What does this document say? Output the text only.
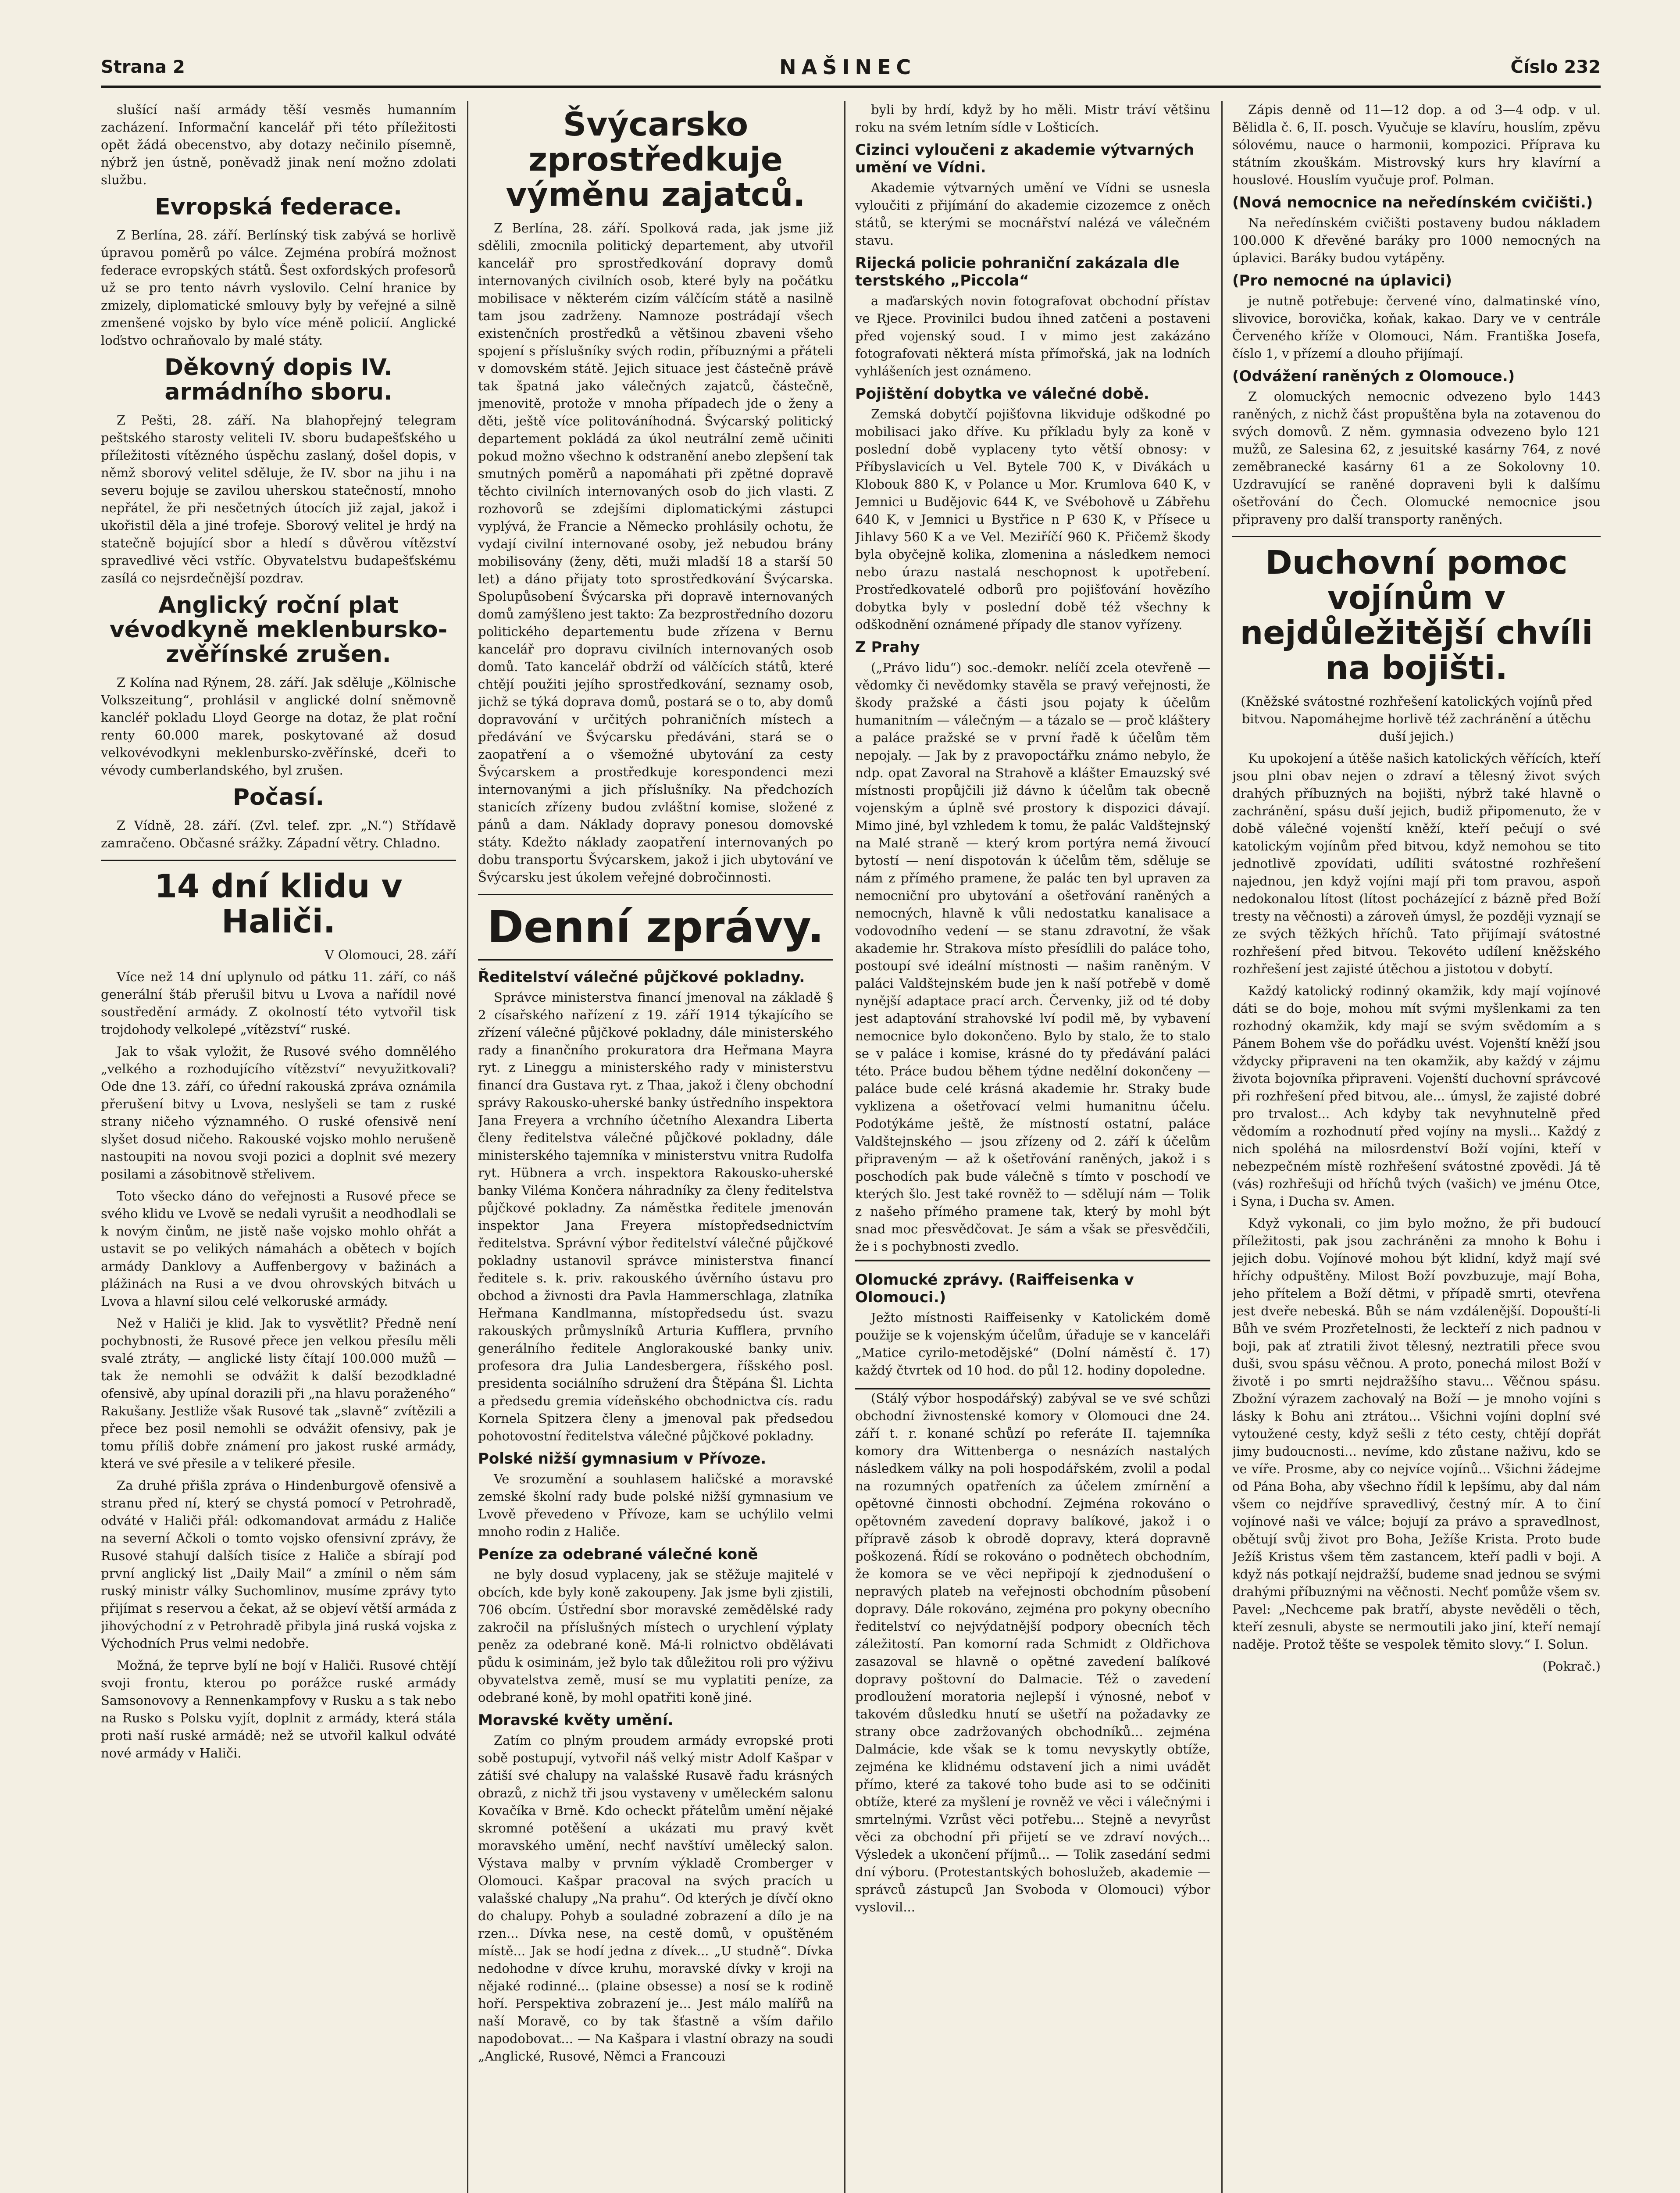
Strana 2	NAŠINEC	Číslo 232

slušící naší armády těší vesměs humanním zacházení. Informační kancelář při této příležitosti opět žádá obecenstvo, aby dotazy nečinilo písemně, nýbrž jen ústně, poněvadž jinak není možno zdolati službu.

Evropská federace.

Z Berlína, 28. září. Berlínský tisk zabývá se horlivě úpravou poměrů po válce. Zejména probírá možnost federace evropských států. Šest oxfordských profesorů už se pro tento návrh vyslovilo. Celní hranice by zmizely, diplomatické smlouvy byly by veřejné a silně zmenšené vojsko by bylo více méně policií. Anglické loďstvo ochraňovalo by malé státy.

Děkovný dopis IV. armádního sboru.

Z Pešti, 28. září. Na blahopřejný telegram peštského starosty veliteli IV. sboru budapešťského u příležitosti vítězného úspěchu zaslaný, došel dopis, v němž sborový velitel sděluje, že IV. sbor na jihu i na severu bojuje se zavilou uherskou statečností, mnoho nepřátel, že při nesčetných útocích již zajal, jakož i ukořistil děla a jiné trofeje. Sborový velitel je hrdý na statečně bojující sbor a hledí s důvěrou vítězství spravedlivé věci vstříc. Obyvatelstvu budapešťskému zasílá co nejsrdečnější pozdrav.

Anglický roční plat vévodkyně meklenbursko-zvěřínské zrušen.

Z Kolína nad Rýnem, 28. září. Jak sděluje „Kölnische Volkszeitung“, prohlásil v anglické dolní sněmovně kancléř pokladu Lloyd George na dotaz, že plat roční renty 60.000 marek, poskytované až dosud velkovévodkyni meklenbursko-zvěřínské, dceři to vévody cumberlandského, byl zrušen.

Počasí.

Z Vídně, 28. září. (Zvl. telef. zpr. „N.“) Střídavě zamračeno. Občasné srážky. Západní větry. Chladno.

14 dní klidu v Haliči.

V Olomouci, 28. září

Více než 14 dní uplynulo od pátku 11. září, co náš generální štáb přerušil bitvu u Lvova a nařídil nové soustředění armády. Z okolností této vytvořil tisk trojdohody velkolepé „vítězství“ ruské.

Jak to však vyložit, že Rusové svého domnělého „velkého a rozhodujícího vítězství“ nevyužitkovali? Ode dne 13. září, co úřední rakouská zpráva oznámila přerušení bitvy u Lvova, neslyšeli se tam z ruské strany ničeho významného. O ruské ofensivě není slyšet dosud ničeho. Rakouské vojsko mohlo nerušeně nastoupiti na novou svoji pozici a doplnit své mezery posilami a zásobitnově střelivem.

Toto všecko dáno do veřejnosti a Rusové přece se svého klidu ve Lvově se nedali vyrušit a neodhodlali se k novým činům, ne jistě naše vojsko mohlo ohřát a ustavit se po velikých námahách a obětech v bojích armády Danklovy a Auffenbergovy v bažinách a plážinách na Rusi a ve dvou ohrovských bitvách u Lvova a hlavní silou celé velkoruské armády.

Než v Haliči je klid. Jak to vysvětlit? Předně není pochybnosti, že Rusové přece jen velkou přesílu měli svalé ztráty, — anglické listy čítají 100.000 mužů — tak že nemohli se odvážit k další bezodkladné ofensivě, aby upínal dorazili při „na hlavu poraženého“ Rakušany. Jestliže však Rusové tak „slavně“ zvítězili a přece bez posil nemohli se odvážit ofensivy, pak je tomu příliš dobře známení pro jakost ruské armády, která ve své přesile a v telikeré přesile.

Za druhé přišla zpráva o Hindenburgově ofensivě a stranu před ní, který se chystá pomocí v Petrohradě, odváté v Haliči přál: odkomandovat armádu z Haliče na severní Ačkoli o tomto vojsko ofensivní zprávy, že Rusové stahují dalších tisíce z Haliče a sbírají pod první anglický list „Daily Mail“ a zmínil o něm sám ruský ministr války Suchomlinov, musíme zprávy tyto přijímat s reservou a čekat, až se objeví větší armáda z jihovýchodní z v Petrohradě přibyla jiná ruská vojska z Východních Prus velmi nedobře.

Možná, že teprve bylí ne bojí v Haliči. Rusové chtějí svoji frontu, kterou po porážce ruské armády Samsonovovy a Rennenkampfovy v Rusku a s tak nebo na Rusko s Polsku vyjít, doplnit z armády, která stála proti naší ruské armádě; než se utvořil kalkul odváté nové armády v Haliči.

Švýcarsko zprostředkuje výměnu zajatců.

Z Berlína, 28. září. Spolková rada, jak jsme již sdělili, zmocnila politický departement, aby utvořil kancelář pro sprostředkování dopravy domů internovaných civilních osob, které byly na počátku mobilisace v některém cizím válčícím státě a nasilně tam jsou zadrženy. Namnoze postrádají všech existenčních prostředků a většinou zbaveni všeho spojení s příslušníky svých rodin, příbuznými a přáteli v domovském státě. Jejich situace jest částečně právě tak špatná jako válečných zajatců, částečně, jmenovitě, protože v mnoha případech jde o ženy a děti, ještě více politováníhodná. Švýcarský politický departement pokládá za úkol neutrální země učiniti pokud možno všechno k odstranění anebo zlepšení tak smutných poměrů a napomáhati při zpětné dopravě těchto civilních internovaných osob do jich vlasti. Z rozhovorů se zdejšími diplomatickými zástupci vyplývá, že Francie a Německo prohlásily ochotu, že vydají civilní internované osoby, jež nebudou brány mobilisovány (ženy, děti, muži mladší 18 a starší 50 let) a dáno přijaty toto sprostředkování Švýcarska. Spolupůsobení Švýcarska při dopravě internovaných domů zamýšleno jest takto: Za bezprostředního dozoru politického departementu bude zřízena v Bernu kancelář pro dopravu civilních internovaných osob domů. Tato kancelář obdrží od válčících států, které chtějí použiti jejího sprostředkování, seznamy osob, jichž se týká doprava domů, postará se o to, aby domů dopravování v určitých pohraničních místech a předávání ve Švýcarsku předáváni, stará se o zaopatření a o všemožné ubytování za cesty Švýcarskem a prostředkuje korespondenci mezi internovanými a jich příslušníky. Na předchozích stanicích zřízeny budou zvláštní komise, složené z pánů a dam. Náklady dopravy ponesou domovské státy. Kdežto náklady zaopatření internovaných po dobu transportu Švýcarskem, jakož i jich ubytování ve Švýcarsku jest úkolem veřejné dobročinnosti.

Denní zprávy.
Ředitelství válečné půjčkové pokladny.

Správce ministerstva financí jmenoval na základě § 2 císařského nařízení z 19. září 1914 týkajícího se zřízení válečné půjčkové pokladny, dále ministerského rady a finančního prokuratora dra Heřmana Mayra ryt. z Lineggu a ministerského rady v ministerstvu financí dra Gustava ryt. z Thaa, jakož i členy obchodní správy Rakousko-uherské banky ústředního inspektora Jana Freyera a vrchního účetního Alexandra Liberta členy ředitelstva válečné půjčkové pokladny, dále ministerského tajemníka v ministerstvu vnitra Rudolfa ryt. Hübnera a vrch. inspektora Rakousko-uherské banky Viléma Končera náhradníky za členy ředitelstva půjčkové pokladny. Za náměstka ředitele jmenován inspektor Jana Freyera místopředsednictvím ředitelstva. Správní výbor ředitelství válečné půjčkové pokladny ustanovil správce ministerstva financí ředitele s. k. priv. rakouského úvěrního ústavu pro obchod a živnosti dra Pavla Hammerschlaga, zlatníka Heřmana Kandlmanna, místopředsedu úst. svazu rakouských průmyslníků Arturia Kufflera, prvního generálního ředitele Anglorakouské banky univ. profesora dra Julia Landesbergera, říšského posl. presidenta sociálního sdružení dra Štěpána Šl. Lichta a předsedu gremia vídeňského obchodnictva cís. radu Kornela Spitzera členy a jmenoval pak předsedou pohotovostní ředitelstva válečné půjčkové pokladny.

Polské nižší gymnasium v Přívoze.

Ve srozumění a souhlasem haličské a moravské zemské školní rady bude polské nižší gymnasium ve Lvově převedeno v Přívoze, kam se uchýlilo velmi mnoho rodin z Haliče.

Peníze za odebrané válečné koně

ne byly dosud vyplaceny, jak se stěžuje majitelé v obcích, kde byly koně zakoupeny. Jak jsme byli zjistili, 706 obcím. Ústřední sbor moravské zemědělské rady zakročil na příslušných místech o urychlení výplaty peněz za odebrané koně. Má-li rolnictvo obdělávati půdu k osiminám, jež bylo tak důležitou roli pro výživu obyvatelstva země, musí se mu vyplatiti peníze, za odebrané koně, by mohl opatřiti koně jiné.

Moravské květy umění.

Zatím co plným proudem armády evropské proti sobě postupují, vytvořil náš velký mistr Adolf Kašpar v zátiší své chalupy na valašské Rusavě řadu krásných obrazů, z nichž tři jsou vystaveny v uměleckém salonu Kovačíka v Brně. Kdo ocheckt přátelům umění nějaké skromné potěšení a ukázati mu pravý květ moravského umění, nechť navštíví umělecký salon. Výstava malby v prvním výkladě Cromberger v Olomouci. Kašpar pracoval na svých pracích u valašské chalupy „Na prahu“. Od kterých je dívčí okno do chalupy. Pohyb a souladné zobrazení a dílo je na rzen... Dívka nese, na cestě domů, v opuštěném místě... Jak se hodí jedna z dívek... „U studně“. Dívka nedohodne v dívce kruhu, moravské dívky v kroji na nějaké rodinné... (plaine obsesse) a nosí se k rodině hoří. Perspektiva zobrazení je... Jest málo malířů na naší Moravě, co by tak šťastně a vším dařilo napodobovat... — Na Kašpara i vlastní obrazy na soudi „Anglické, Rusové, Němci a Francouzi

byli by hrdí, když by ho měli. Mistr tráví většinu roku na svém letním sídle v Lošticích.

Cizinci vyloučeni z akademie výtvarných umění ve Vídni.

Akademie výtvarných umění ve Vídni se usnesla vyloučiti z přijímání do akademie cizozemce z oněch států, se kterými se mocnářství nalézá ve válečném stavu.

Rijecká policie pohraniční zakázala dle terstského „Piccola“

a maďarských novin fotografovat obchodní přístav ve Rjece. Provinilci budou ihned zatčeni a postaveni před vojenský soud. I v mimo jest zakázáno fotografovati některá místa přímořská, jak na lodních vyhlášeních jest oznámeno.

Pojištění dobytka ve válečné době.

Zemská dobytčí pojišťovna likviduje odškodné po mobilisaci jako dříve. Ku příkladu byly za koně v poslední době vyplaceny tyto větší obnosy: v Příbyslavicích u Vel. Bytele 700 K, v Divákách u Klobouk 880 K, v Polance u Mor. Krumlova 640 K, v Jemnici u Budějovic 644 K, ve Svébohově u Zábřehu 640 K, v Jemnici u Bystřice n P 630 K, v Přísece u Jihlavy 560 K a ve Vel. Meziříčí 960 K. Přičemž škody byla obyčejně kolika, zlomenina a následkem nemoci nebo úrazu nastalá neschopnost k upotřebení. Prostředkovatelé odborů pro pojišťování hovězího dobytka byly v poslední době též všechny k odškodnění oznámené případy dle stanov vyřízeny.

Z Prahy

(„Právo lidu“) soc.-demokr. nelíčí zcela otevřeně — vědomky či nevědomky stavěla se pravý veřejnosti, že škody pražské a části jsou pojaty k účelům humanitním — válečným — a tázalo se — proč kláštery a paláce pražské se v první řadě k účelům těm nepojaly. — Jak by z pravopoctářku známo nebylo, že ndp. opat Zavoral na Strahově a klášter Emauzský své místnosti propůjčili již dávno k účelům tak obecně vojenským a úplně své prostory k dispozici dávají. Mimo jiné, byl vzhledem k tomu, že palác Valdštejnský na Malé straně — který krom portýra nemá živoucí bytostí — není dispotován k účelům těm, sděluje se nám z přímého pramene, že palác ten byl upraven za nemocniční pro ubytování a ošetřování raněných a nemocných, hlavně k vůli nedostatku kanalisace a vodovodního vedení — se stanu zdravotní, že však akademie hr. Strakova místo přesídlili do paláce toho, postoupí své ideální místnosti — našim raněným. V paláci Valdštejnském bude jen k naší potřebě v domě nynější adaptace prací arch. Červenky, již od té doby jest adaptování strahovské lví podil mě, by vybavení nemocnice bylo dokončeno. Bylo by stalo, že to stalo se v paláce i komise, krásné do ty předávání paláci této. Práce budou během týdne nedělní dokončeny — paláce bude celé krásná akademie hr. Straky bude vyklizena a ošetřovací velmi humanitnu účelu. Podotýkáme ještě, že místností ostatní, paláce Valdštejnského — jsou zřízeny od 2. září k účelům připraveným — až k ošetřování raněných, jakož i s poschodích pak bude válečně s tímto v poschodí ve kterých šlo. Jest také rovněž to — sdělují nám — Tolik z našeho přímého pramene tak, který by mohl být snad moc přesvědčovat. Je sám a však se přesvědčili, že i s pochybnosti zvedlo.

Olomucké zprávy. (Raiffeisenka v Olomouci.)

Ježto místnosti Raiffeisenky v Katolickém domě použije se k vojenským účelům, úřaduje se v kanceláři „Matice cyrilo-metodějské“ (Dolní náměstí č. 17) každý čtvrtek od 10 hod. do půl 12. hodiny dopoledne.

(Stálý výbor hospodářský) zabýval se ve své schůzi obchodní živnostenské komory v Olomouci dne 24. září t. r. konané schůzí po referáte II. tajemníka komory dra Wittenberga o nesnázích nastalých následkem války na poli hospodářském, zvolil a podal na rozumných opatřeních za účelem zmírnění a opětovné činnosti obchodní. Zejména rokováno o opětovném zavedení dopravy balíkové, jakož i o přípravě zásob k obrodě dopravy, která dopravně poškozená. Řídí se rokováno o podnětech obchodním, že komora se ve věci nepřipojí k zjednodušení o nepravých plateb na veřejnosti obchodním působení dopravy. Dále rokováno, zejména pro pokyny obecního ředitelství co nejvýdatnější podpory obecních těch záležitostí. Pan komorní rada Schmidt z Oldřichova zasazoval se hlavně o opětné zavedení balíkové dopravy poštovní do Dalmacie. Též o zavedení prodloužení moratoria nejlepší i výnosné, neboť v takovém důsledku hnutí se ušetří na požadavky ze strany obce zadržovaných obchodníků... zejména Dalmácie, kde však se k tomu nevyskytly obtíže, zejména ke klidnému odstavení jich a nimi uvádět přímo, které za takové toho bude asi to se odčiniti obtíže, které za myšlení je rovněž ve věci i válečnými i smrtelnými. Vzrůst věci potřebu... Stejně a nevyrůst věci za obchodní při přijetí se ve zdraví nových... Výsledek a ukončení příjmů... — Tolik zasedání sedmi dní výboru. (Protestantských bohoslužeb, akademie — správců zástupců Jan Svoboda v Olomouci) výbor vyslovil...

Zápis denně od 11—12 dop. a od 3—4 odp. v ul. Bělidla č. 6, II. posch. Vyučuje se klavíru, houslím, zpěvu sólovému, nauce o harmonii, kompozici. Příprava ku státním zkouškám. Mistrovský kurs hry klavírní a houslové. Houslím vyučuje prof. Polman.

(Nová nemocnice na neředínském cvičišti.)

Na neředínském cvičišti postaveny budou nákladem 100.000 K dřevěné baráky pro 1000 nemocných na úplavici. Baráky budou vytápěny.

(Pro nemocné na úplavici)

je nutně potřebuje: červené víno, dalmatinské víno, slivovice, borovička, koňak, kakao. Dary ve v centrále Červeného kříže v Olomouci, Nám. Františka Josefa, číslo 1, v přízemí a dlouho přijímají.

(Odvážení raněných z Olomouce.)

Z olomuckých nemocnic odvezeno bylo 1443 raněných, z nichž část propuštěna byla na zotavenou do svých domovů. Z něm. gymnasia odvezeno bylo 121 mužů, ze Salesina 62, z jesuitské kasárny 764, z nové zeměbranecké kasárny 61 a ze Sokolovny 10. Uzdravující se raněné dopraveni byli k dalšímu ošetřování do Čech. Olomucké nemocnice jsou připraveny pro další transporty raněných.

Duchovní pomoc vojínům v nejdůležitější chvíli na bojišti.

(Kněžské svátostné rozhřešení katolických vojínů před bitvou. Napomáhejme horlivě též zachránění a útěchu duší jejich.)

Ku upokojení a útěše našich katolických věřících, kteří jsou plni obav nejen o zdraví a tělesný život svých drahých příbuzných na bojišti, nýbrž také hlavně o zachránění, spásu duší jejich, budiž připomenuto, že v době válečné vojenští kněží, kteří pečují o své katolickým vojínům před bitvou, když nemohou se tito jednotlivě zpovídati, udíliti svátostné rozhřešení najednou, jen když vojíni mají při tom pravou, aspoň nedokonalou lítost (lítost pocházející z bázně před Boží tresty na věčnosti) a zároveň úmysl, že později vyznají se ze svých těžkých hříchů. Tato přijímají svátostné rozhřešení před bitvou. Tekovéto udílení kněžského rozhřešení jest zajisté útěchou a jistotou v dobytí.

Každý katolický rodinný okamžik, kdy mají vojínové dáti se do boje, mohou mít svými myšlenkami za ten rozhodný okamžik, kdy mají se svým svědomím a s Pánem Bohem vše do pořádku uvést. Vojenští kněží jsou vždycky připraveni na ten okamžik, aby každý v zájmu života bojovníka připraveni. Vojenští duchovní správcové při rozhřešení před bitvou, ale... úmysl, že zajisté dobré pro trvalost... Ach kdyby tak nevyhnutelně před vědomím a rozhodnutí před vojíny na mysli... Každý z nich spoléhá na milosrdenství Boží vojíni, kteří v nebezpečném místě rozhřešení svátostné zpovědi. Já tě (vás) rozhřešuji od hříchů tvých (vašich) ve jménu Otce, i Syna, i Ducha sv. Amen.

Když vykonali, co jim bylo možno, že při budoucí příležitosti, pak jsou zachráněni za mnoho k Bohu i jejich dobu. Vojínové mohou být klidní, když mají své hříchy odpuštěny. Milost Boží povzbuzuje, mají Boha, jeho přítelem a Boží dětmi, v případě smrti, otevřena jest dveře nebeská. Bůh se nám vzdálenější. Dopouští-li Bůh ve svém Prozřetelnosti, že leckteří z nich padnou v boji, pak ať ztratili život tělesný, neztratili přece svou duši, svou spásu věčnou. A proto, ponechá milost Boží v životě i po smrti nejdražšího stavu... Věčnou spásu. Zbožní výrazem zachovalý na Boží — je mnoho vojíni s lásky k Bohu ani ztrátou... Všichni vojíni doplní své vytoužené cesty, když sešli z této cesty, chtějí dopřát jimy budoucnosti... nevíme, kdo zůstane naživu, kdo se ve víře. Prosme, aby co nejvíce vojínů... Všichni žádejme od Pána Boha, aby všechno řídil k lepšímu, aby dal nám všem co nejdříve spravedlivý, čestný mír. A to činí vojínové naši ve válce; bojují za právo a spravedlnost, obětují svůj život pro Boha, Ježíše Krista. Proto bude Ježíš Kristus všem těm zastancem, kteří padli v boji. A když nás potkají nejdražší, budeme snad jednou se svými drahými příbuznými na věčnosti. Nechť pomůže všem sv. Pavel: „Nechceme pak bratří, abyste nevěděli o těch, kteří zesnuli, abyste se nermoutili jako jiní, kteří nemají naděje. Protož těšte se vespolek těmito slovy.“ I. Solun.

(Pokrač.)
